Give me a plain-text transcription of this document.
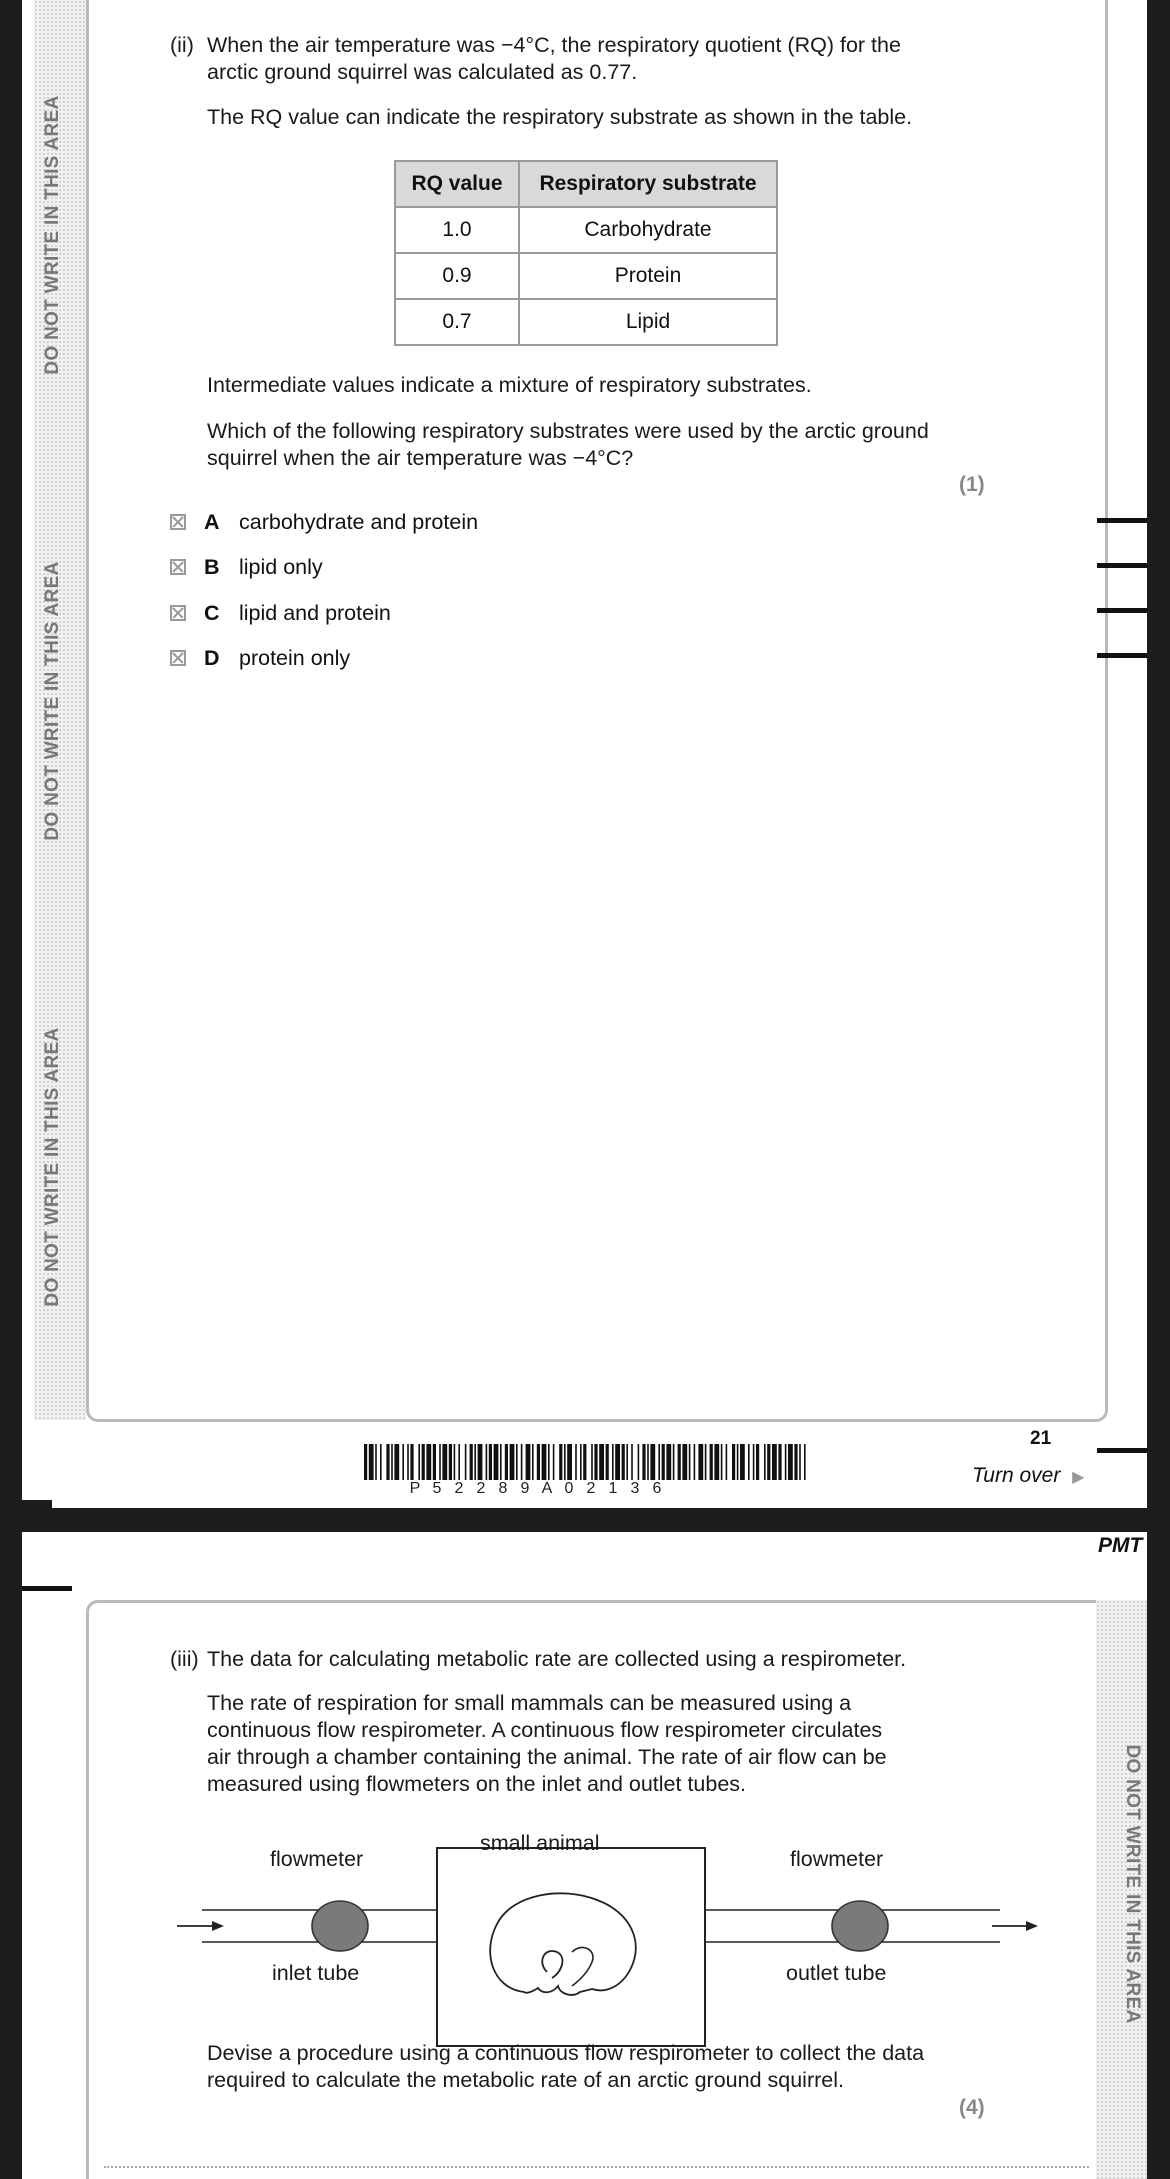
DO NOT WRITE IN THIS AREA
DO NOT WRITE IN THIS AREA
DO NOT WRITE IN THIS AREA
(ii) When the air temperature was −4°C, the respiratory quotient (RQ) for the
arctic ground squirrel was calculated as 0.77.
The RQ value can indicate the respiratory substrate as shown in the table.
RQ value	Respiratory substrate
1.0	Carbohydrate
0.9	Protein
0.7	Lipid
Intermediate values indicate a mixture of respiratory substrates.
Which of the following respiratory substrates were used by the arctic ground
squirrel when the air temperature was −4°C?
(1)
A carbohydrate and protein
B lipid only
C lipid and protein
D protein only
21
P 5 2 2 8 9 A 0 2 1 3 6
Turn over ▶
PMT
DO NOT WRITE IN THIS AREA
(iii) The data for calculating metabolic rate are collected using a respirometer.
The rate of respiration for small mammals can be measured using a
continuous flow respirometer. A continuous flow respirometer circulates
air through a chamber containing the animal. The rate of air flow can be
measured using flowmeters on the inlet and outlet tubes.
small animal
flowmeter	flowmeter
inlet tube	outlet tube
Devise a procedure using a continuous flow respirometer to collect the data
required to calculate the metabolic rate of an arctic ground squirrel.
(4)
